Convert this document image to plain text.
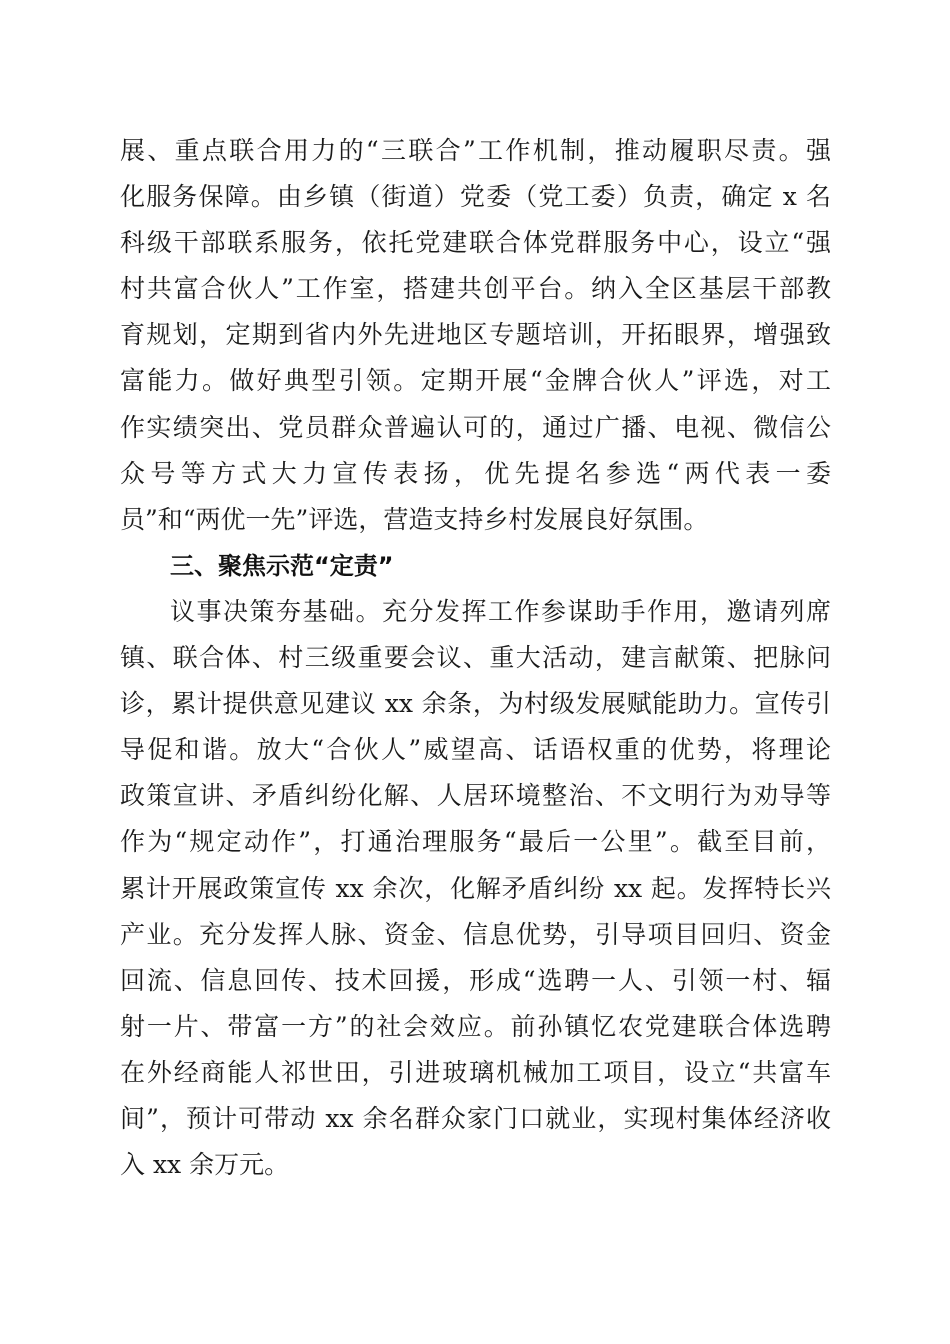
展、重点联合用力的“三联合”工作机制，推动履职尽责。强
化服务保障。由乡镇（街道）党委（党工委）负责，确定 x 名
科级干部联系服务，依托党建联合体党群服务中心，设立“强
村共富合伙人”工作室，搭建共创平台。纳入全区基层干部教
育规划，定期到省内外先进地区专题培训，开拓眼界，增强致
富能力。做好典型引领。定期开展“金牌合伙人”评选，对工
作实绩突出、党员群众普遍认可的，通过广播、电视、微信公
众号等方式大力宣传表扬，优先提名参选“两代表一委
员”和“两优一先”评选，营造支持乡村发展良好氛围。
三、聚焦示范“定责”
议事决策夯基础。充分发挥工作参谋助手作用，邀请列席
镇、联合体、村三级重要会议、重大活动，建言献策、把脉问
诊，累计提供意见建议 xx 余条，为村级发展赋能助力。宣传引
导促和谐。放大“合伙人”威望高、话语权重的优势，将理论
政策宣讲、矛盾纠纷化解、人居环境整治、不文明行为劝导等
作为“规定动作”，打通治理服务“最后一公里”。截至目前，
累计开展政策宣传 xx 余次，化解矛盾纠纷 xx 起。发挥特长兴
产业。充分发挥人脉、资金、信息优势，引导项目回归、资金
回流、信息回传、技术回援，形成“选聘一人、引领一村、辐
射一片、带富一方”的社会效应。前孙镇忆农党建联合体选聘
在外经商能人祁世田，引进玻璃机械加工项目，设立“共富车
间”，预计可带动 xx 余名群众家门口就业，实现村集体经济收
入 xx 余万元。
